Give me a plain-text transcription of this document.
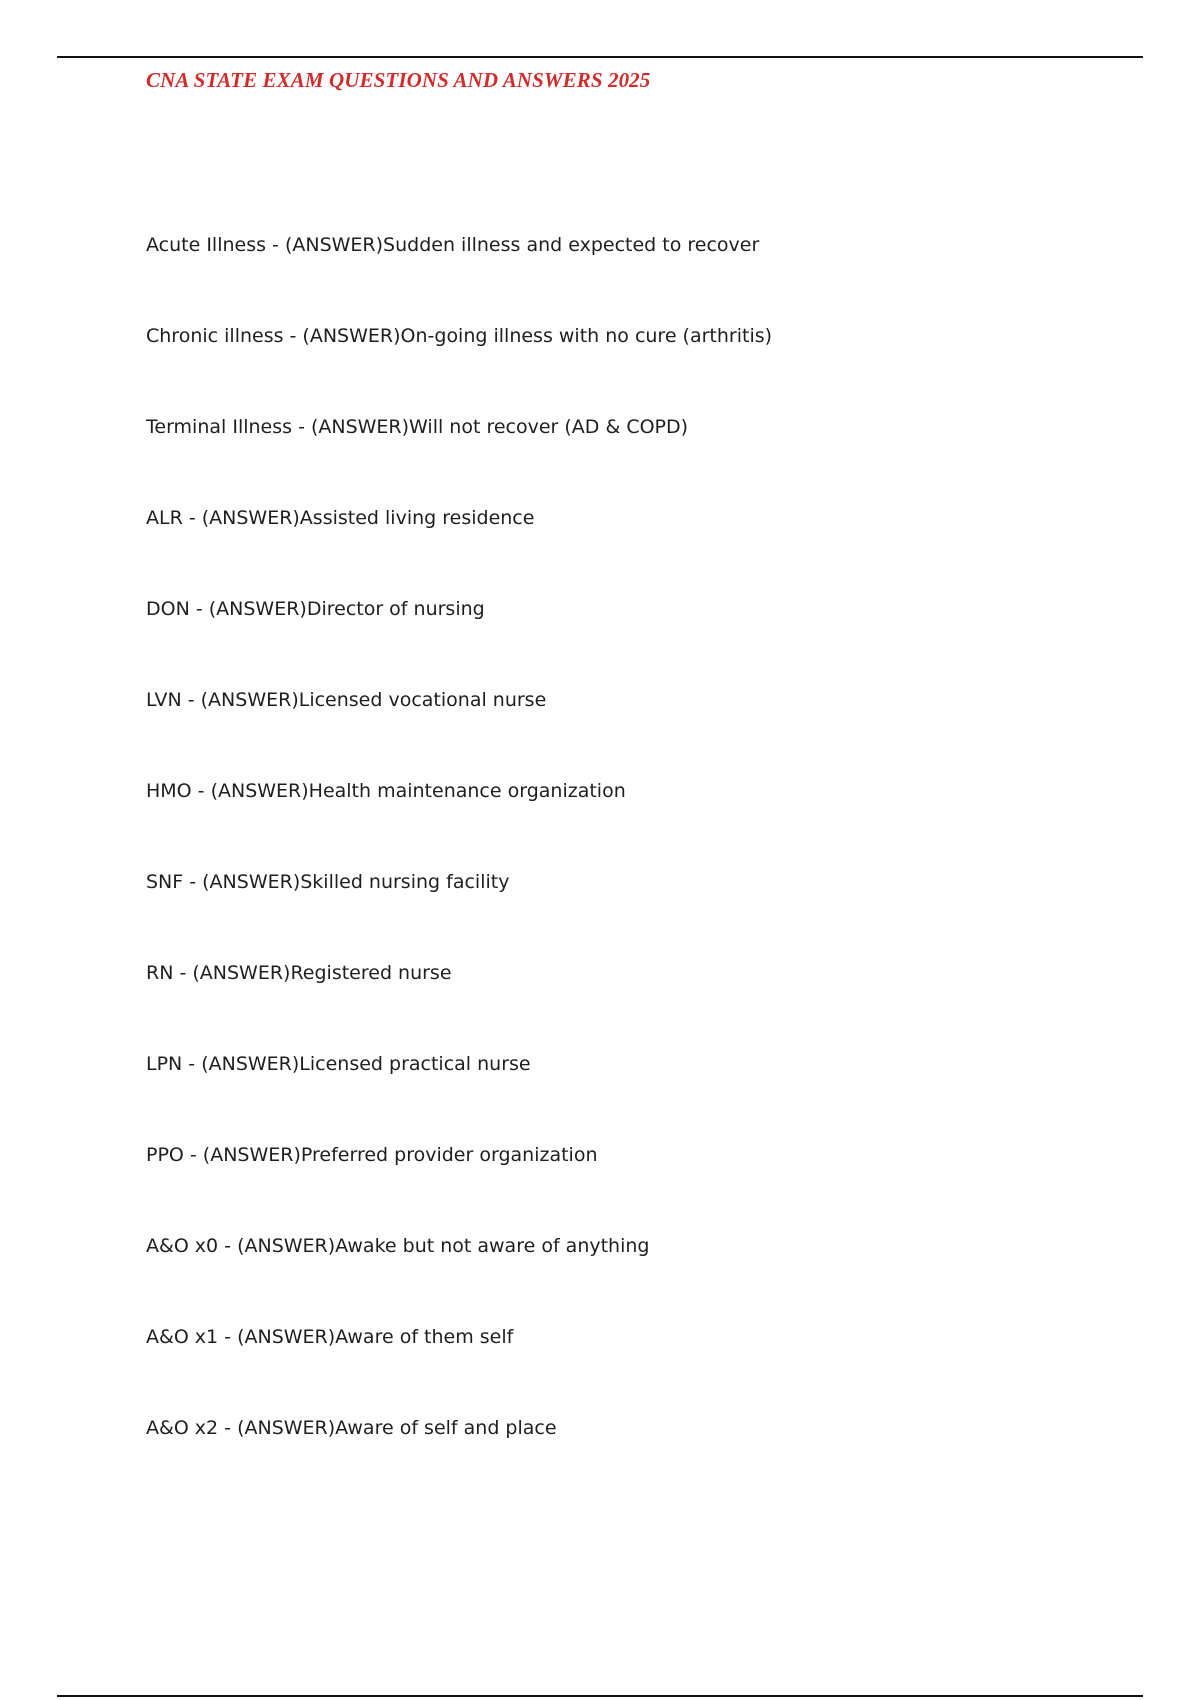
CNA STATE EXAM QUESTIONS AND ANSWERS 2025
Acute Illness - (ANSWER)Sudden illness and expected to recover
Chronic illness - (ANSWER)On-going illness with no cure (arthritis)
Terminal Illness - (ANSWER)Will not recover (AD & COPD)
ALR - (ANSWER)Assisted living residence
DON - (ANSWER)Director of nursing
LVN - (ANSWER)Licensed vocational nurse
HMO - (ANSWER)Health maintenance organization
SNF - (ANSWER)Skilled nursing facility
RN - (ANSWER)Registered nurse
LPN - (ANSWER)Licensed practical nurse
PPO - (ANSWER)Preferred provider organization
A&O x0 - (ANSWER)Awake but not aware of anything
A&O x1 - (ANSWER)Aware of them self
A&O x2 - (ANSWER)Aware of self and place
